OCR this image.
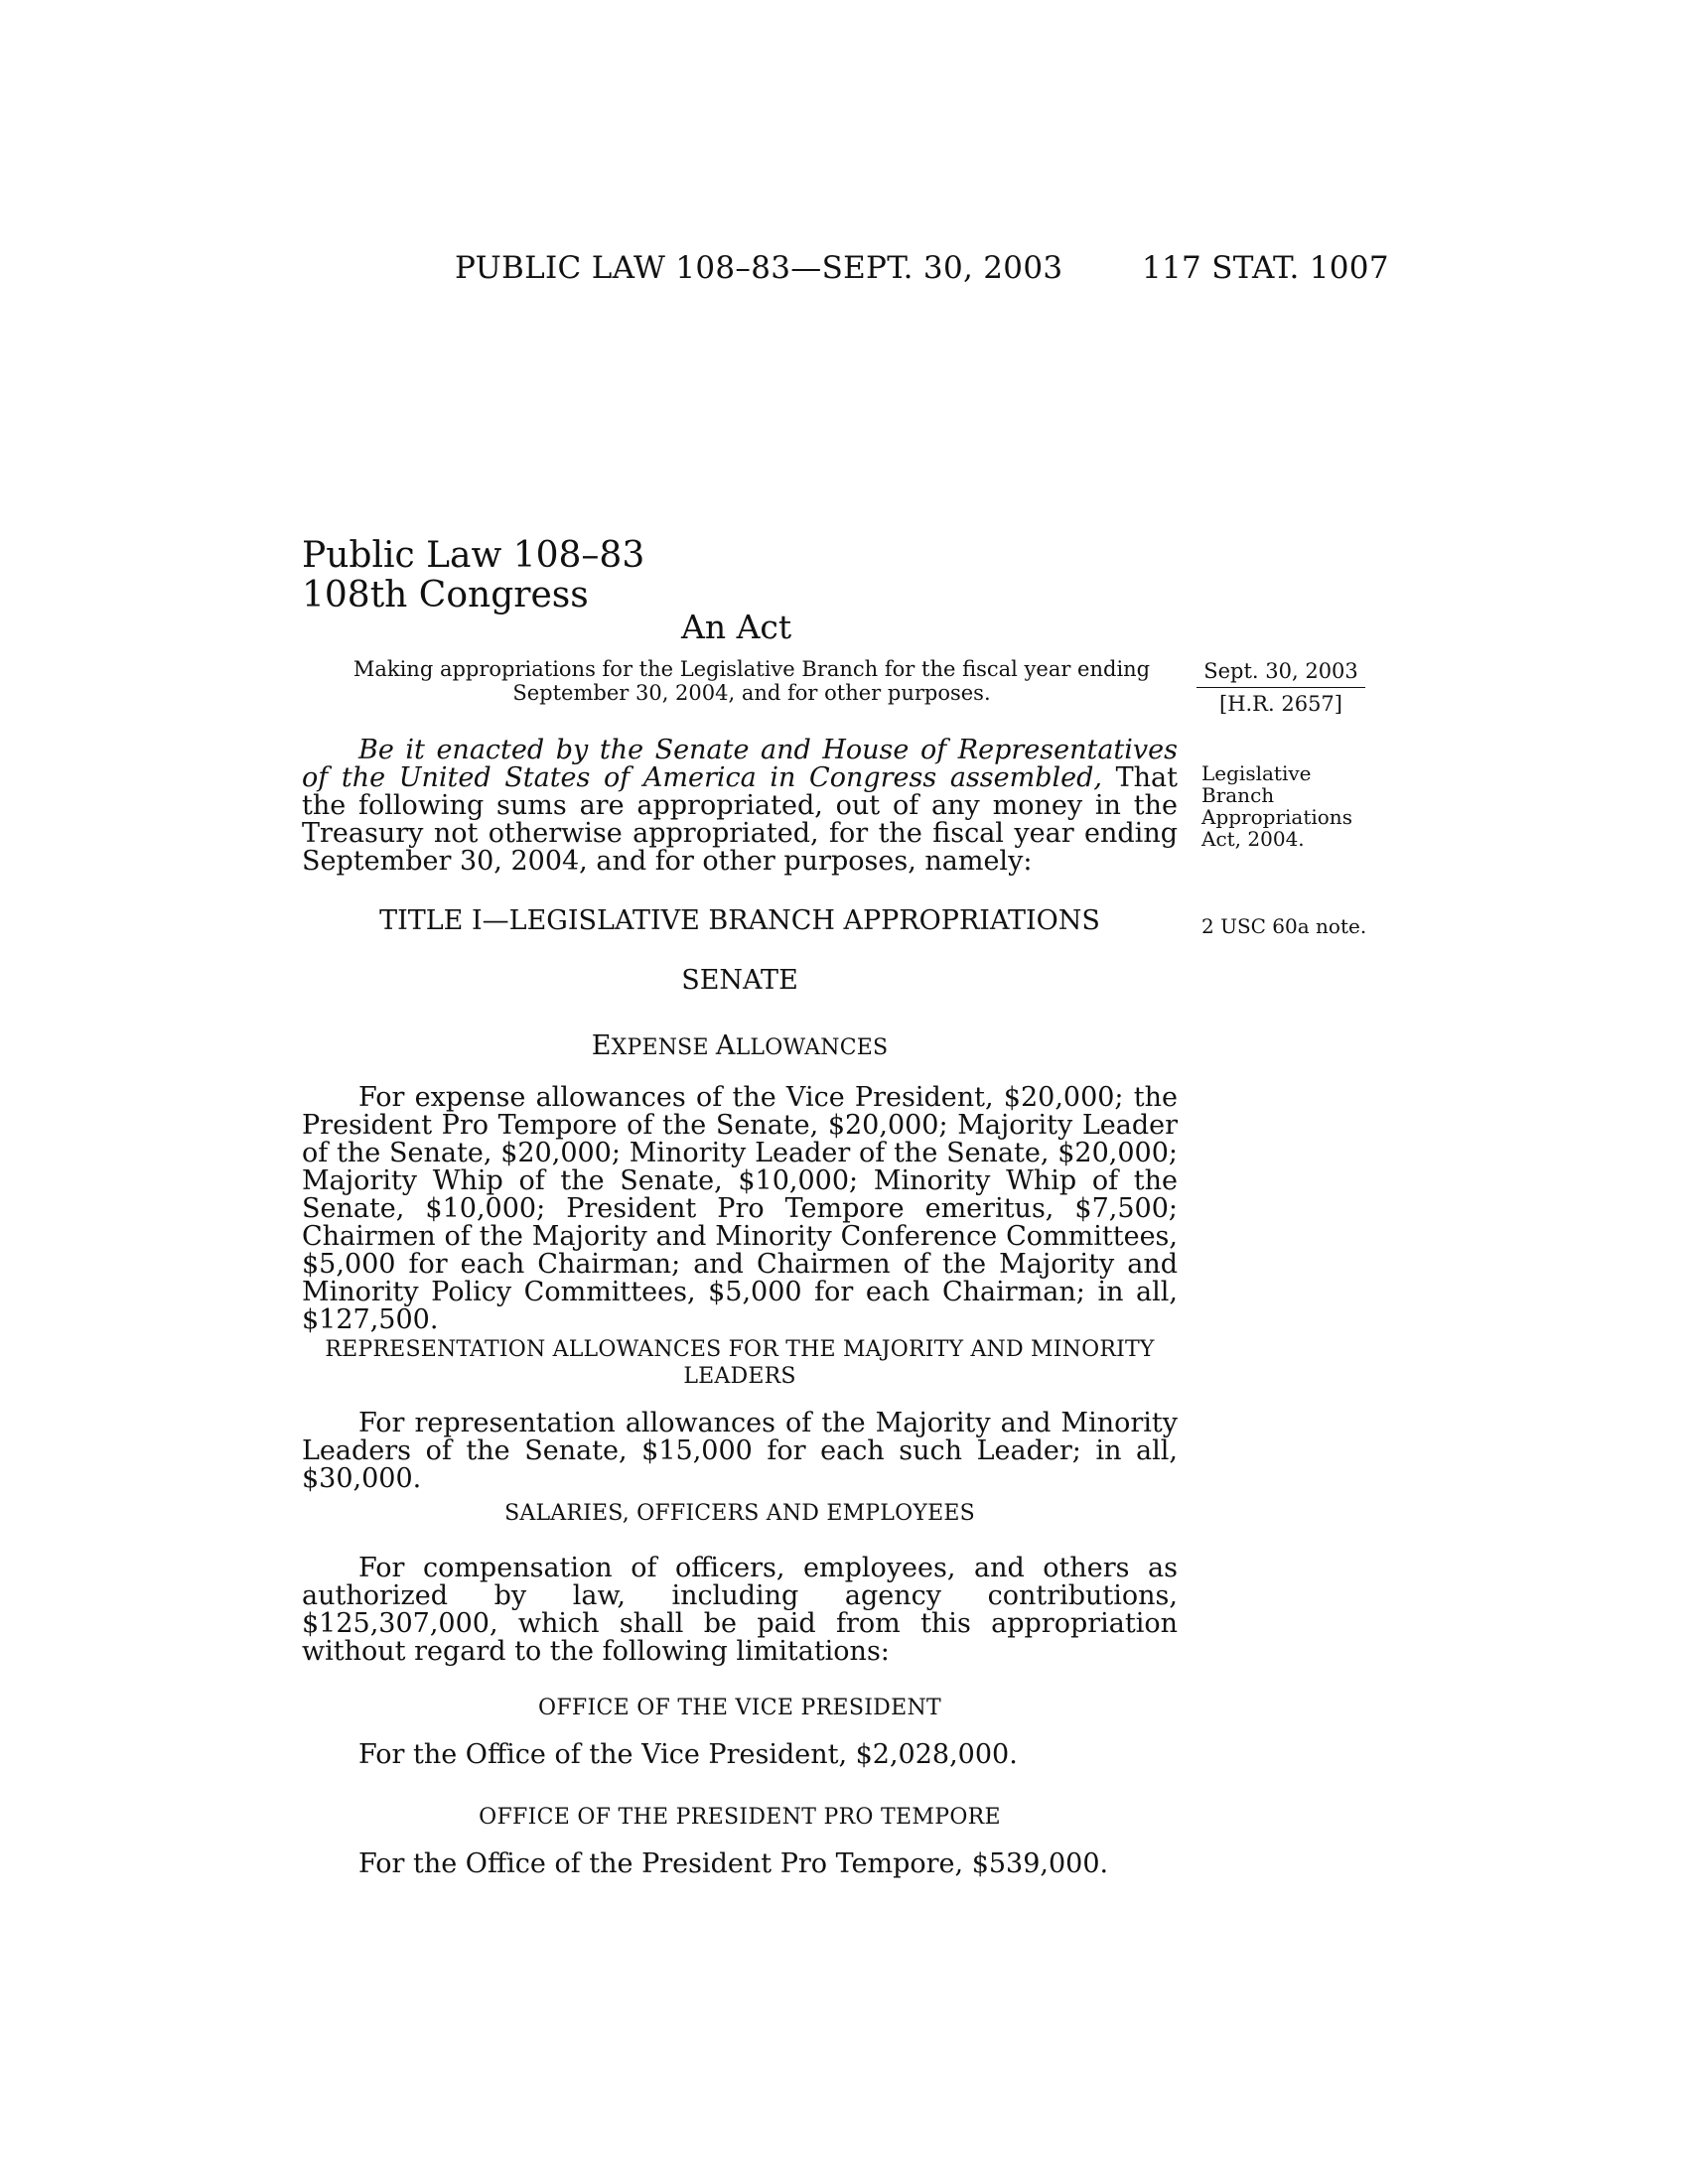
PUBLIC LAW 108–83—SEPT. 30, 2003	117 STAT. 1007
Public Law 108–83
108th Congress
An Act
Making appropriations for the Legislative Branch for the fiscal year ending September 30, 2004, and for other purposes.
Sept. 30, 2003
[H.R. 2657]
Legislative
Branch
Appropriations
Act, 2004.
2 USC 60a note.
Be it enacted by the Senate and House of Representatives of the United States of America in Congress assembled, That the following sums are appropriated, out of any money in the Treasury not otherwise appropriated, for the fiscal year ending September 30, 2004, and for other purposes, namely:
TITLE I—LEGISLATIVE BRANCH APPROPRIATIONS
SENATE
EXPENSE ALLOWANCES
For expense allowances of the Vice President, $20,000; the President Pro Tempore of the Senate, $20,000; Majority Leader of the Senate, $20,000; Minority Leader of the Senate, $20,000; Majority Whip of the Senate, $10,000; Minority Whip of the Senate, $10,000; President Pro Tempore emeritus, $7,500; Chairmen of the Majority and Minority Conference Committees, $5,000 for each Chairman; and Chairmen of the Majority and Minority Policy Committees, $5,000 for each Chairman; in all, $127,500.
REPRESENTATION ALLOWANCES FOR THE MAJORITY AND MINORITY
LEADERS
For representation allowances of the Majority and Minority Leaders of the Senate, $15,000 for each such Leader; in all, $30,000.
SALARIES, OFFICERS AND EMPLOYEES
For compensation of officers, employees, and others as authorized by law, including agency contributions, $125,307,000, which shall be paid from this appropriation without regard to the following limitations:
OFFICE OF THE VICE PRESIDENT
For the Office of the Vice President, $2,028,000.
OFFICE OF THE PRESIDENT PRO TEMPORE
For the Office of the President Pro Tempore, $539,000.
